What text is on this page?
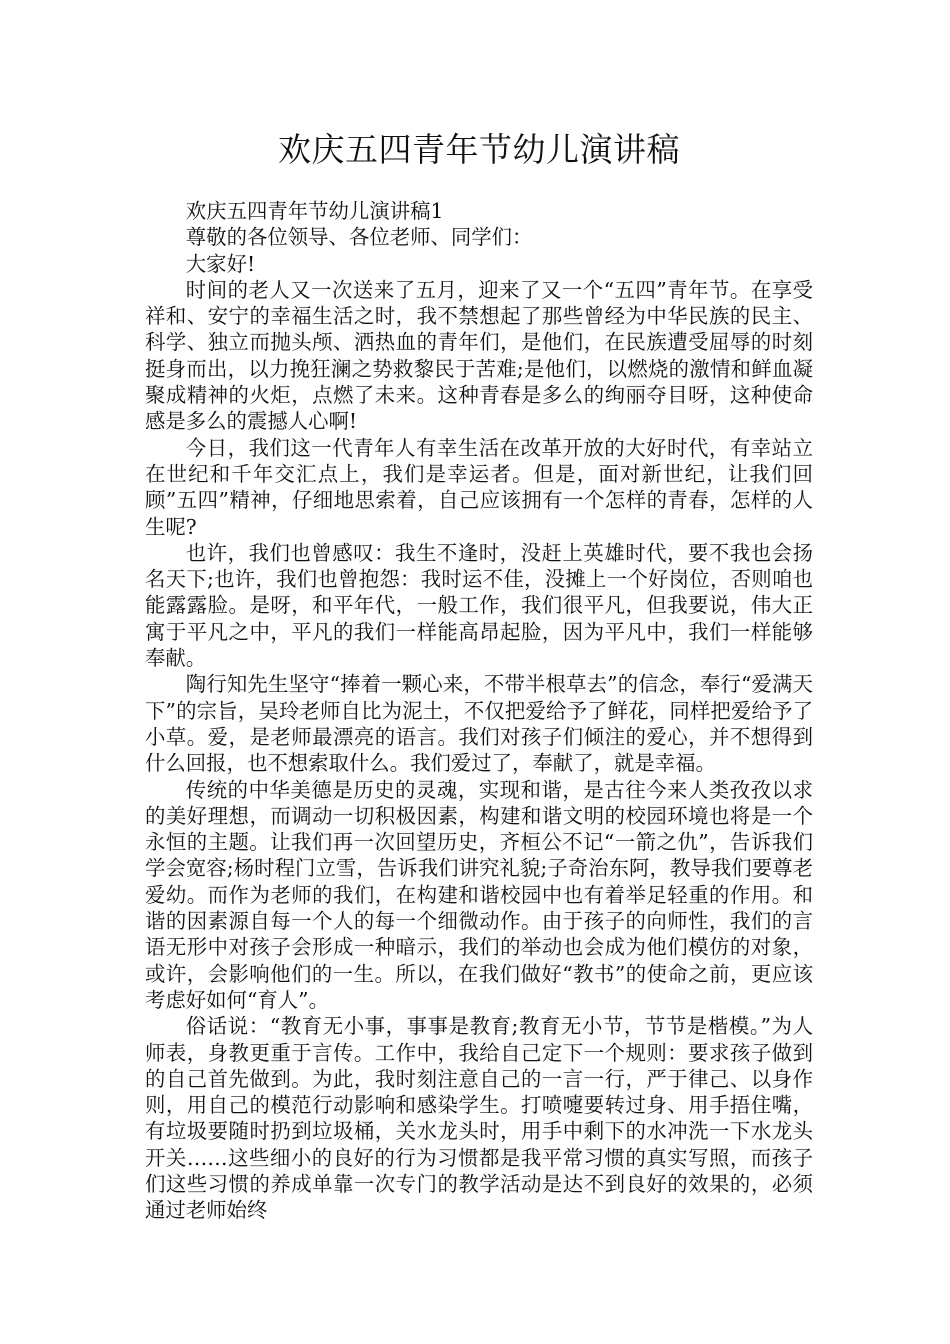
欢庆五四青年节幼儿演讲稿

欢庆五四青年节幼儿演讲稿1

尊敬的各位领导、各位老师、同学们：

大家好!

时间的老人又一次送来了五月，迎来了又一个“五四”青年节。在享受祥和、安宁的幸福生活之时，我不禁想起了那些曾经为中华民族的民主、科学、独立而抛头颅、洒热血的青年们，是他们，在民族遭受屈辱的时刻挺身而出，以力挽狂澜之势救黎民于苦难;是他们，以燃烧的激情和鲜血凝聚成精神的火炬，点燃了未来。这种青春是多么的绚丽夺目呀，这种使命感是多么的震撼人心啊!

今日，我们这一代青年人有幸生活在改革开放的大好时代，有幸站立在世纪和千年交汇点上，我们是幸运者。但是，面对新世纪，让我们回顾”五四”精神，仔细地思索着，自己应该拥有一个怎样的青春，怎样的人生呢?

也许，我们也曾感叹：我生不逢时，没赶上英雄时代，要不我也会扬名天下;也许，我们也曾抱怨：我时运不佳，没摊上一个好岗位，否则咱也能露露脸。是呀，和平年代，一般工作，我们很平凡，但我要说，伟大正寓于平凡之中，平凡的我们一样能高昂起脸，因为平凡中，我们一样能够奉献。

陶行知先生坚守“捧着一颗心来，不带半根草去”的信念，奉行“爱满天下”的宗旨，吴玲老师自比为泥土，不仅把爱给予了鲜花，同样把爱给予了小草。爱，是老师最漂亮的语言。我们对孩子们倾注的爱心，并不想得到什么回报，也不想索取什么。我们爱过了，奉献了，就是幸福。

传统的中华美德是历史的灵魂，实现和谐，是古往今来人类孜孜以求的美好理想，而调动一切积极因素，构建和谐文明的校园环境也将是一个永恒的主题。让我们再一次回望历史，齐桓公不记“一箭之仇”，告诉我们学会宽容;杨时程门立雪，告诉我们讲究礼貌;子奇治东阿，教导我们要尊老爱幼。而作为老师的我们，在构建和谐校园中也有着举足轻重的作用。和谐的因素源自每一个人的每一个细微动作。由于孩子的向师性，我们的言语无形中对孩子会形成一种暗示，我们的举动也会成为他们模仿的对象，或许，会影响他们的一生。所以，在我们做好“教书”的使命之前，更应该考虑好如何“育人”。

俗话说：“教育无小事，事事是教育;教育无小节，节节是楷模。”为人师表，身教更重于言传。工作中，我给自己定下一个规则：要求孩子做到的自己首先做到。为此，我时刻注意自己的一言一行，严于律己、以身作则，用自己的模范行动影响和感染学生。打喷嚏要转过身、用手捂住嘴，有垃圾要随时扔到垃圾桶，关水龙头时，用手中剩下的水冲洗一下水龙头开关……这些细小的良好的行为习惯都是我平常习惯的真实写照，而孩子们这些习惯的养成单靠一次专门的教学活动是达不到良好的效果的，必须通过老师始终
